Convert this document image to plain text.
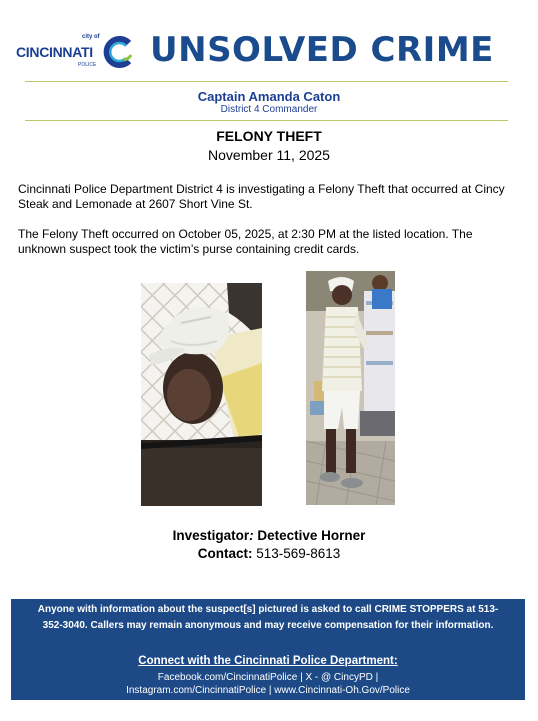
city of
CINCINNATI
POLICE UNSOLVED CRIME
Captain Amanda Caton
District 4 Commander
FELONY THEFT
November 11, 2025

Cincinnati Police Department District 4 is investigating a Felony Theft that occurred at Cincy Steak and Lemonade at 2607 Short Vine St.

The Felony Theft occurred on October 05, 2025, at 2:30 PM at the listed location. The unknown suspect took the victim’s purse containing credit cards.

Investigator: Detective Horner
Contact: 513-569-8613
Anyone with information about the suspect[s] pictured is asked to call CRIME STOPPERS at 513-352-3040. Callers may remain anonymous and may receive compensation for their information.
Connect with the Cincinnati Police Department:
Facebook.com/CincinnatiPolice | X - @ CincyPD |
Instagram.com/CincinnatiPolice | www.Cincinnati-Oh.Gov/Police
